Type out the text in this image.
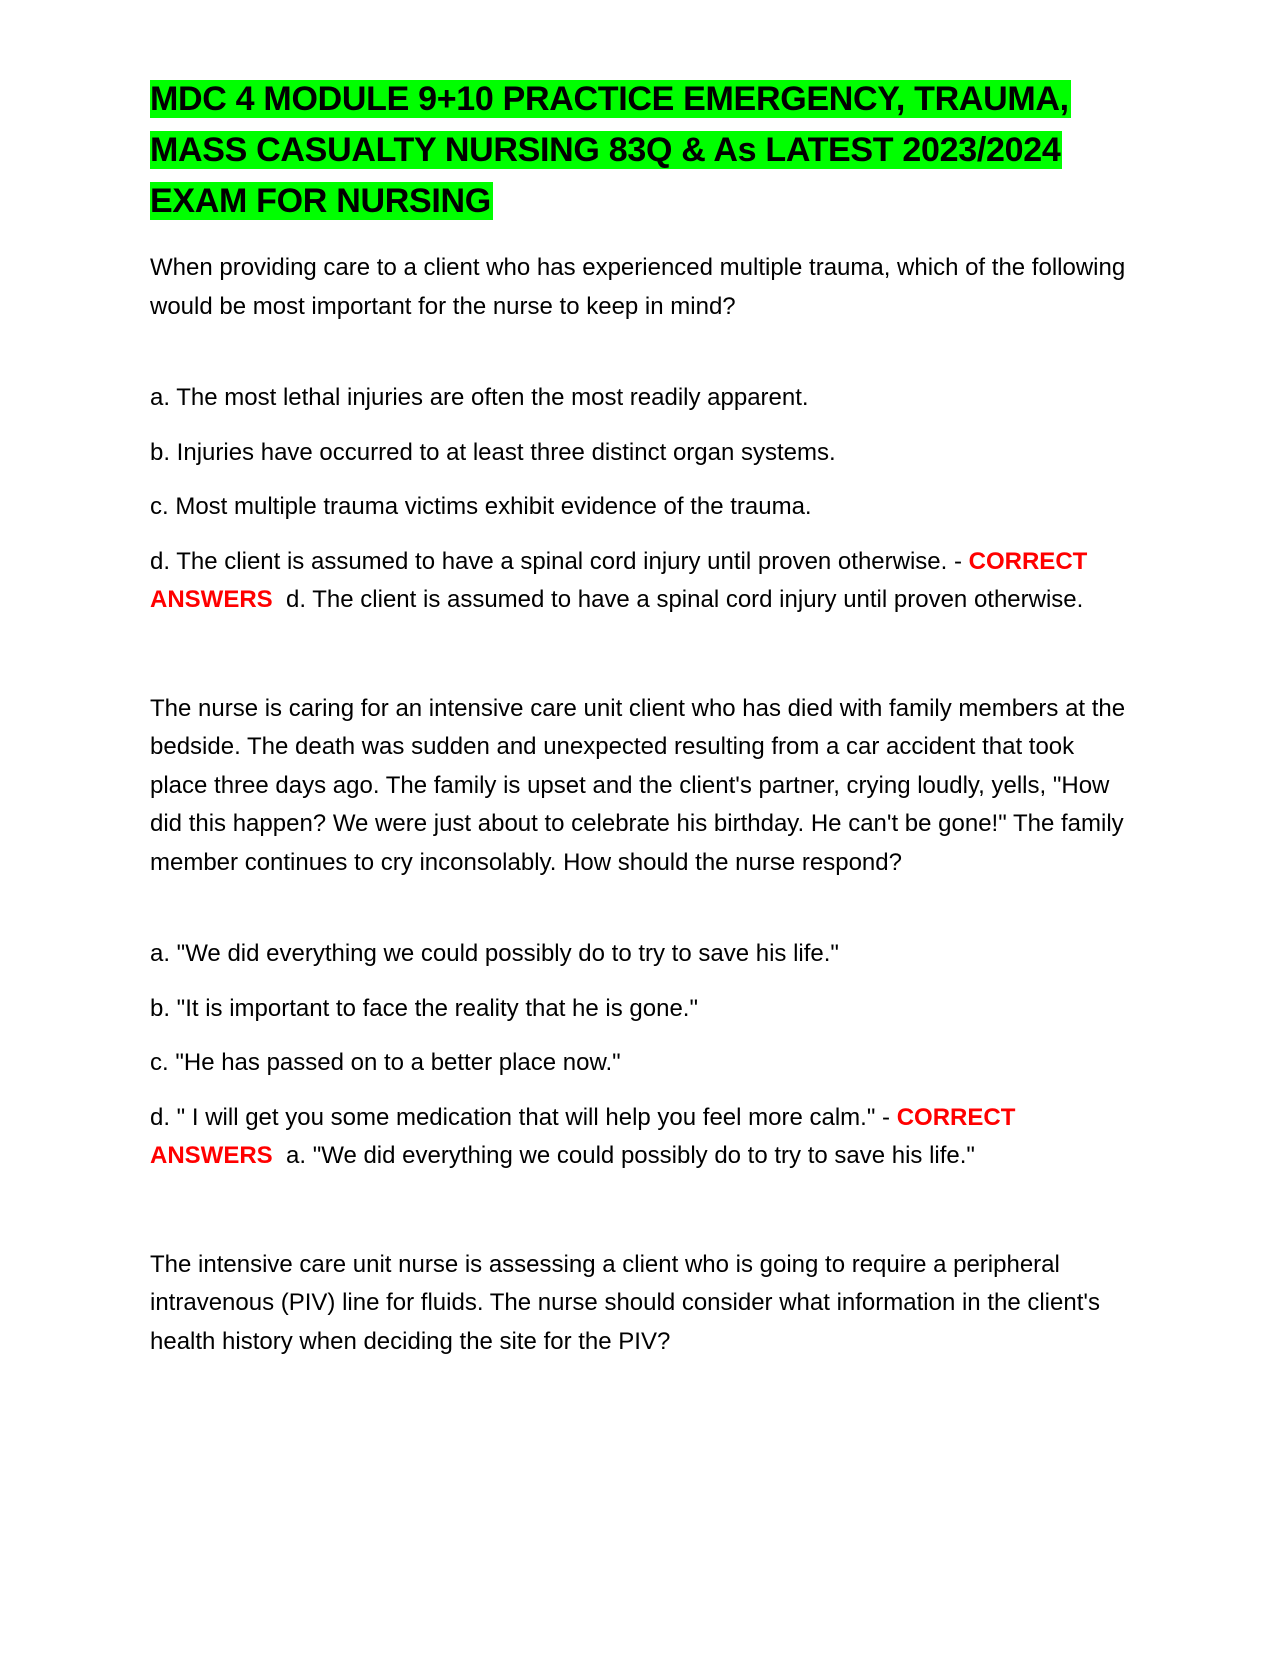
MDC 4 MODULE 9+10 PRACTICE EMERGENCY, TRAUMA, MASS CASUALTY NURSING 83Q & As LATEST 2023/2024 EXAM FOR NURSING

When providing care to a client who has experienced multiple trauma, which of the following would be most important for the nurse to keep in mind?

a. The most lethal injuries are often the most readily apparent.

b. Injuries have occurred to at least three distinct organ systems.

c. Most multiple trauma victims exhibit evidence of the trauma.

d. The client is assumed to have a spinal cord injury until proven otherwise. - CORRECT ANSWERS d. The client is assumed to have a spinal cord injury until proven otherwise.

The nurse is caring for an intensive care unit client who has died with family members at the bedside. The death was sudden and unexpected resulting from a car accident that took place three days ago. The family is upset and the client's partner, crying loudly, yells, "How did this happen? We were just about to celebrate his birthday. He can't be gone!" The family member continues to cry inconsolably. How should the nurse respond?

a. "We did everything we could possibly do to try to save his life."

b. "It is important to face the reality that he is gone."

c. "He has passed on to a better place now."

d. " I will get you some medication that will help you feel more calm." - CORRECT ANSWERS a. "We did everything we could possibly do to try to save his life."

The intensive care unit nurse is assessing a client who is going to require a peripheral intravenous (PIV) line for fluids. The nurse should consider what information in the client's health history when deciding the site for the PIV?
